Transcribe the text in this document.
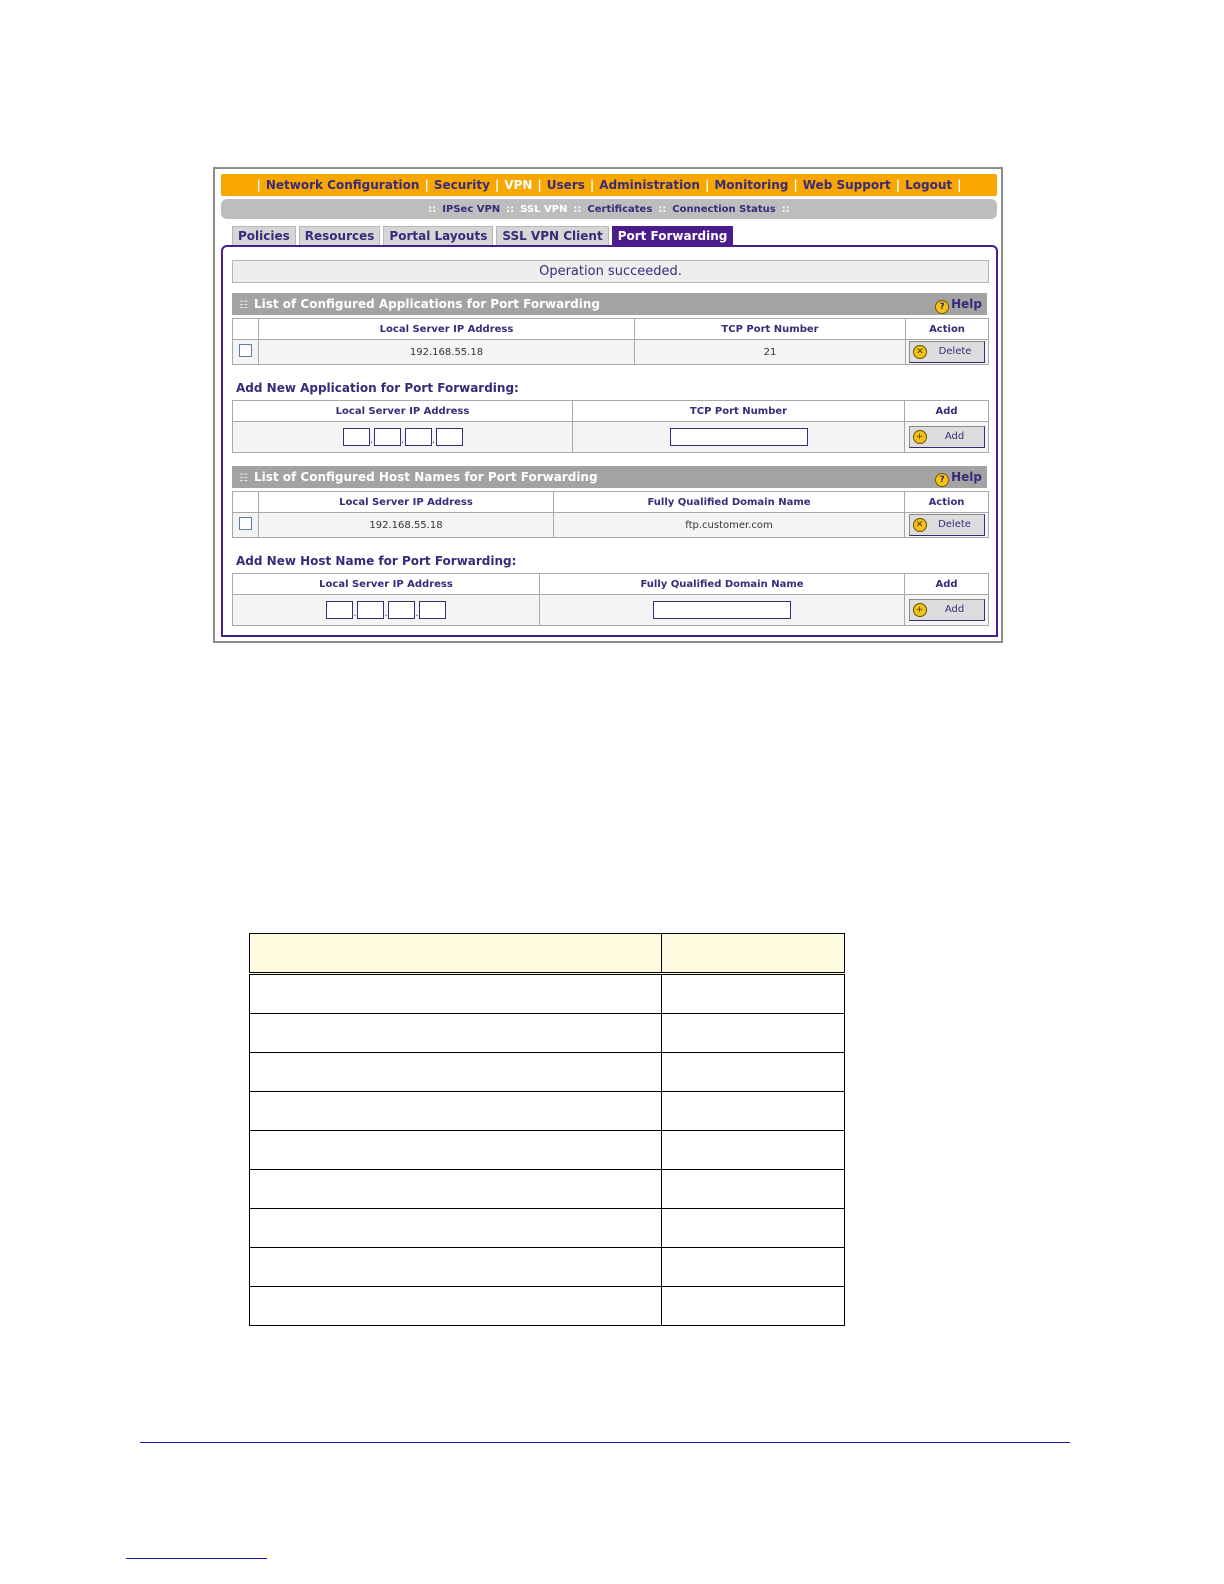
| Network Configuration | Security | VPN | Users | Administration | Monitoring | Web Support | Logout |
:: IPSec VPN :: SSL VPN :: Certificates :: Connection Status ::
Policies	Resources	Portal Layouts	SSL VPN Client	Port Forwarding
Operation succeeded.
☷ List of Configured Applications for Port Forwarding	? Help
	Local Server IP Address	TCP Port Number	Action
	192.168.55.18	21	✕ Delete
Add New Application for Port Forwarding:
Local Server IP Address	TCP Port Number	Add
. . .		+ Add
☷ List of Configured Host Names for Port Forwarding	? Help
	Local Server IP Address	Fully Qualified Domain Name	Action
	192.168.55.18	ftp.customer.com	✕ Delete
Add New Host Name for Port Forwarding:
Local Server IP Address	Fully Qualified Domain Name	Add
. . .		+ Add
